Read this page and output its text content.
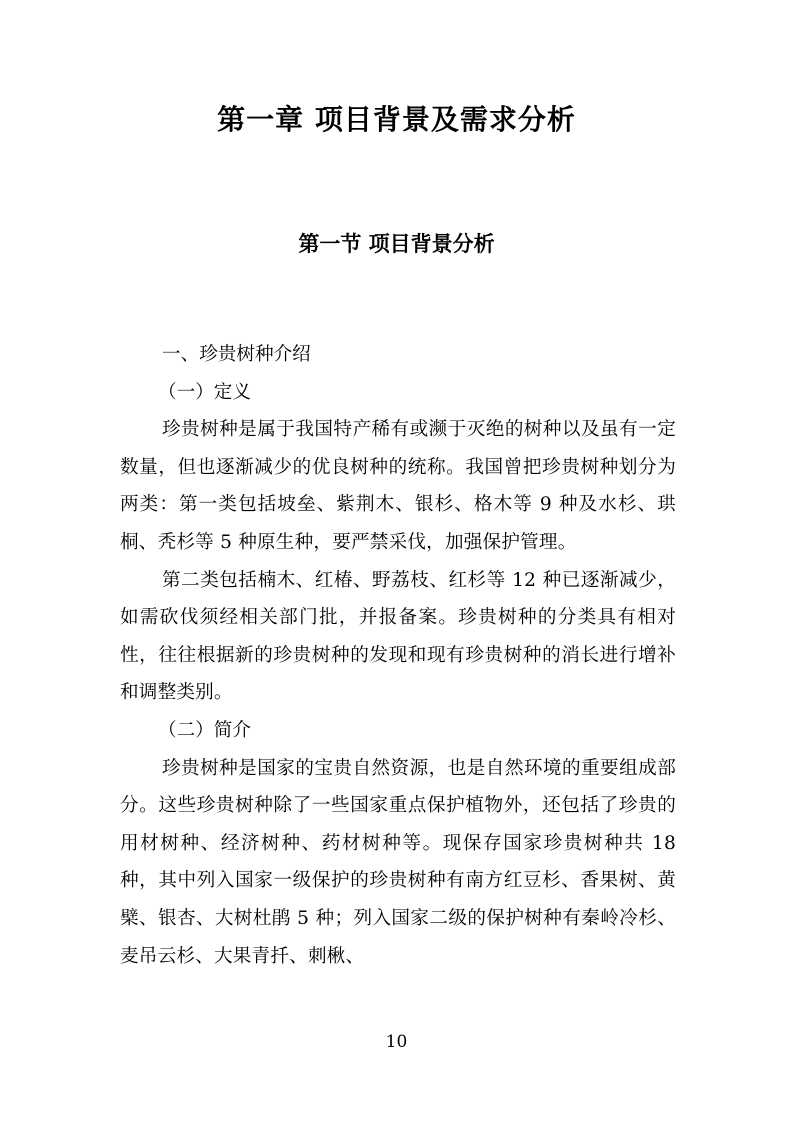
第一章 项目背景及需求分析
第一节 项目背景分析

一、珍贵树种介绍

（一）定义

珍贵树种是属于我国特产稀有或濒于灭绝的树种以及虽有一定数量，但也逐渐减少的优良树种的统称。我国曾把珍贵树种划分为两类：第一类包括坡垒、紫荆木、银杉、格木等 9 种及水杉、珙桐、秃杉等 5 种原生种，要严禁采伐，加强保护管理。

第二类包括楠木、红椿、野荔枝、红杉等 12 种已逐渐减少，如需砍伐须经相关部门批，并报备案。珍贵树种的分类具有相对性，往往根据新的珍贵树种的发现和现有珍贵树种的消长进行增补和调整类别。

（二）简介

珍贵树种是国家的宝贵自然资源，也是自然环境的重要组成部分。这些珍贵树种除了一些国家重点保护植物外，还包括了珍贵的用材树种、经济树种、药材树种等。现保存国家珍贵树种共 18 种，其中列入国家一级保护的珍贵树种有南方红豆杉、香果树、黄檗、银杏、大树杜鹃 5 种；列入国家二级的保护树种有秦岭冷杉、麦吊云杉、大果青扦、刺楸、

10
